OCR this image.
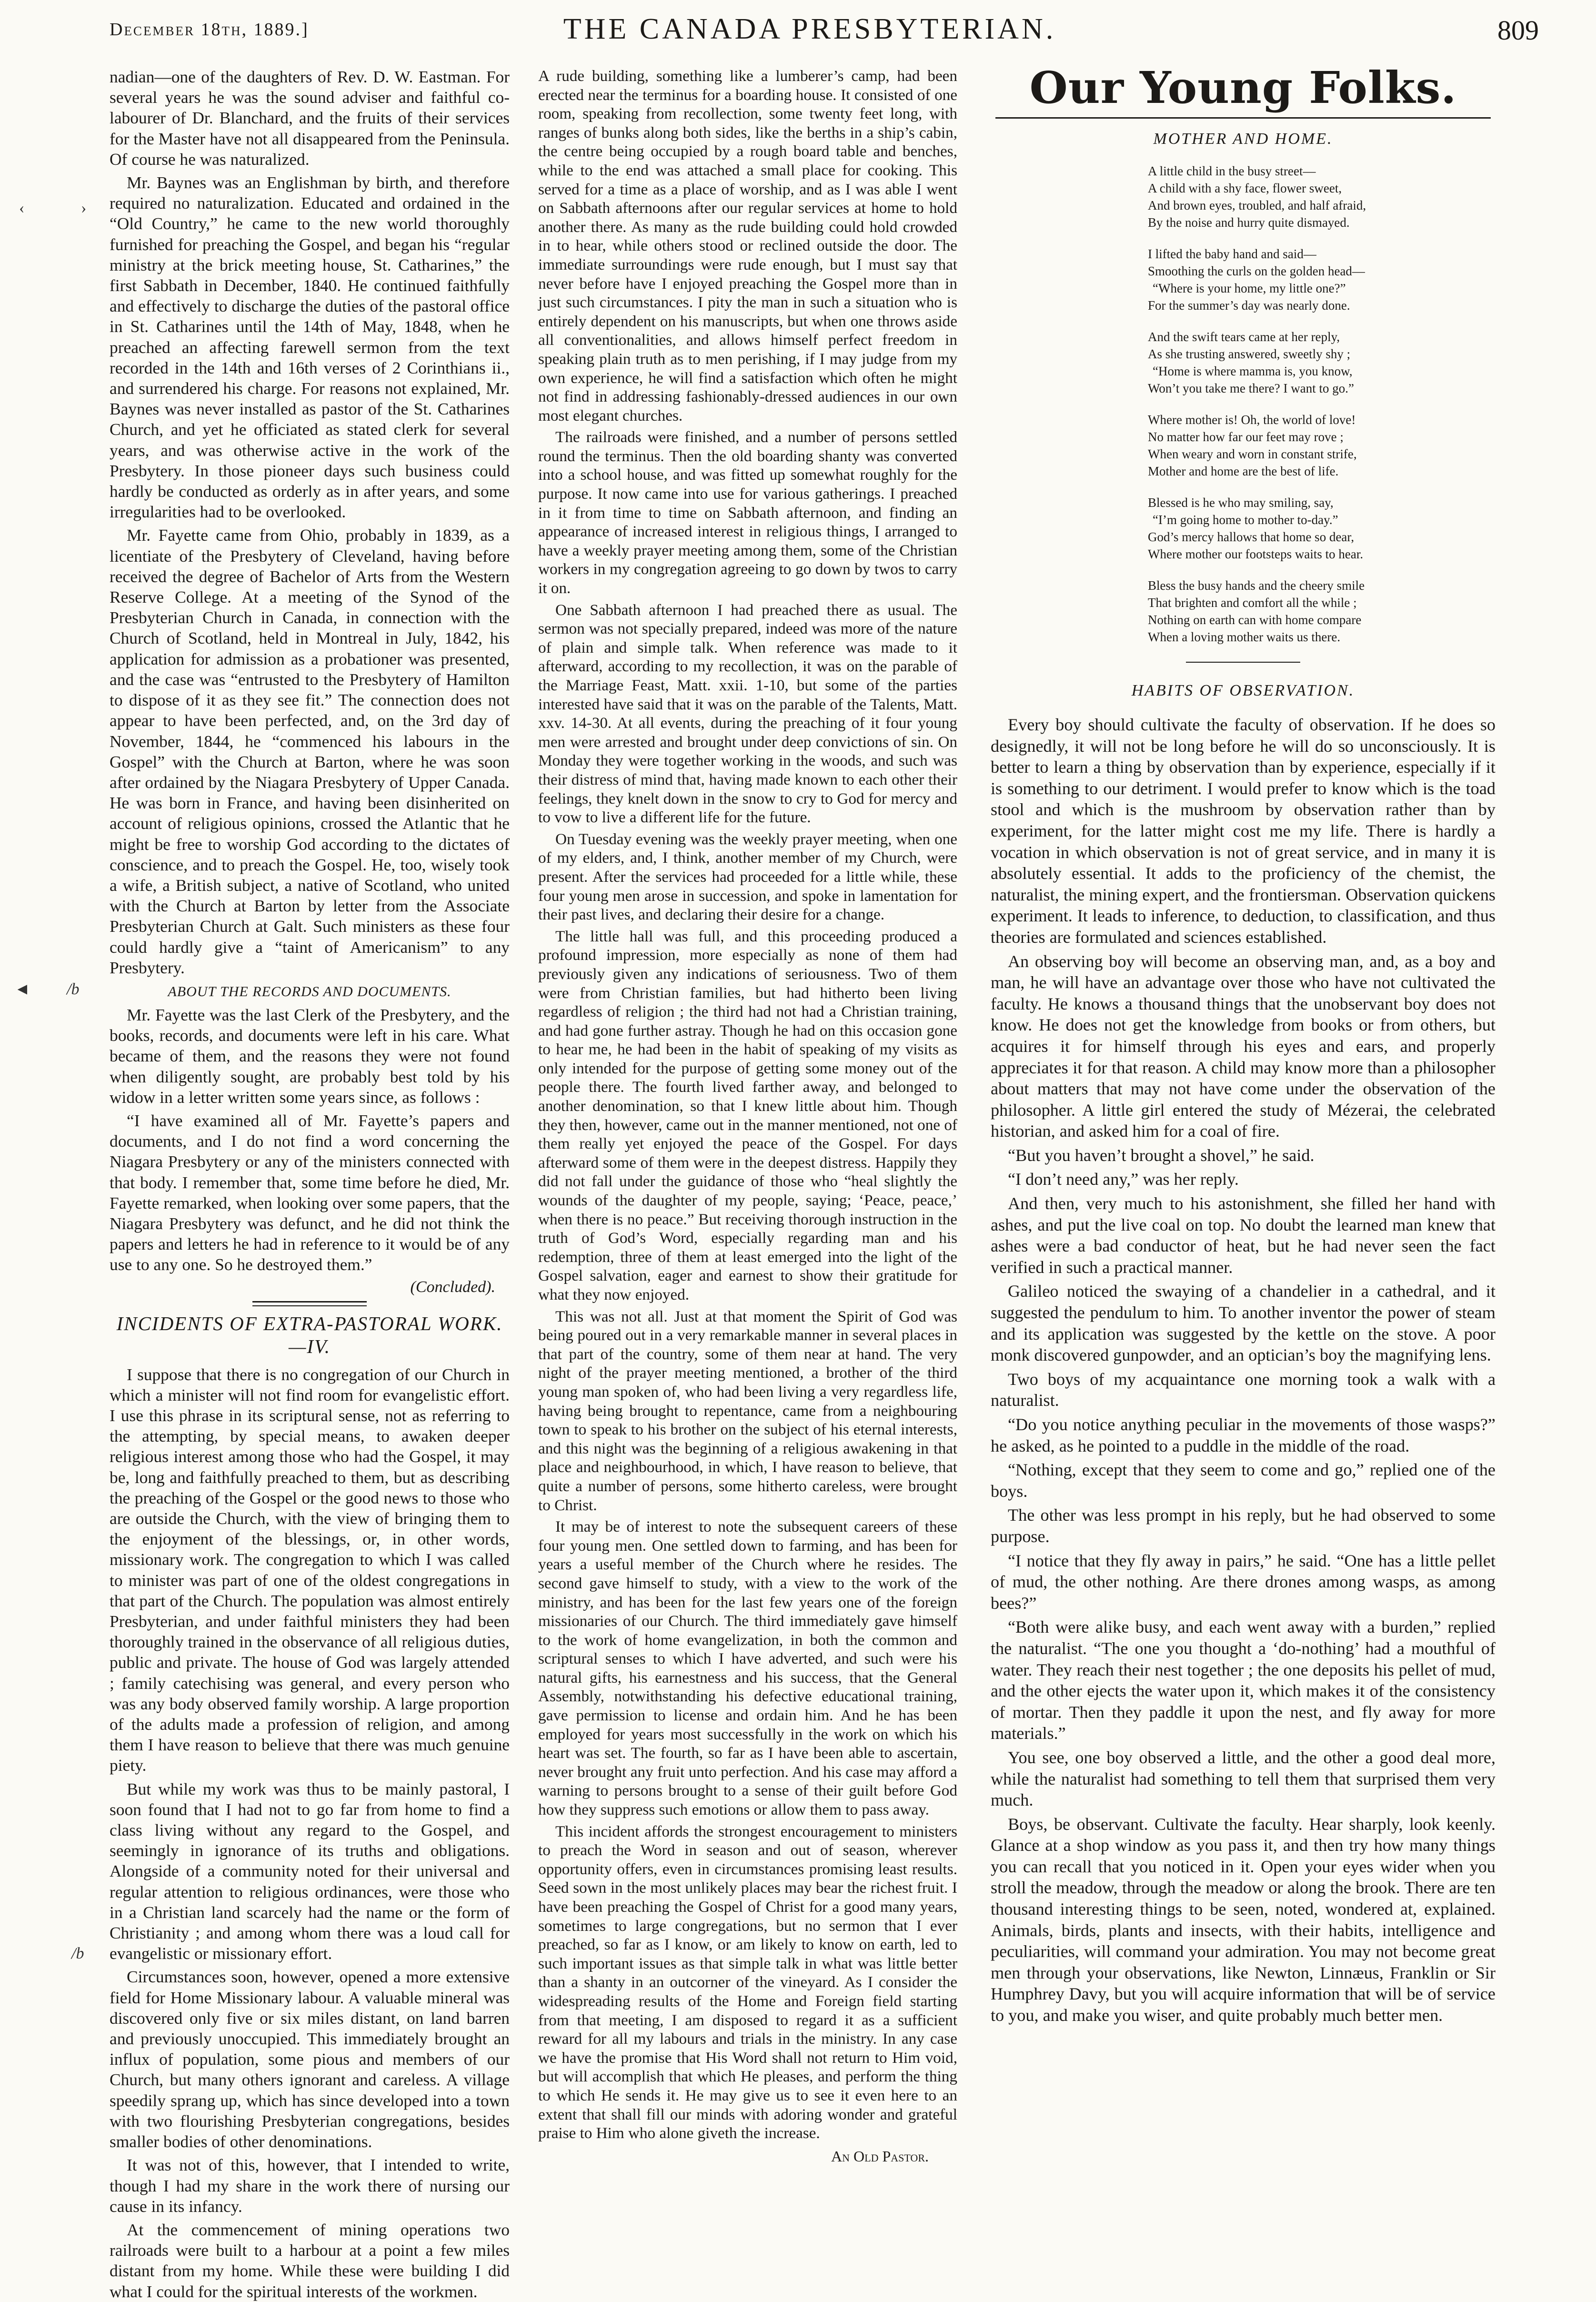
December 18th, 1889.]	THE CANADA PRESBYTERIAN.	809
‹	›
◄ /b
/b

nadian—one of the daughters of Rev. D. W. Eastman. For several years he was the sound adviser and faithful co-labourer of Dr. Blanchard, and the fruits of their services for the Master have not all disappeared from the Peninsula. Of course he was naturalized.

Mr. Baynes was an Englishman by birth, and therefore required no naturalization. Educated and ordained in the “Old Country,” he came to the new world thoroughly furnished for preaching the Gospel, and began his “regular ministry at the brick meeting house, St. Catharines,” the first Sabbath in December, 1840. He continued faithfully and effectively to discharge the duties of the pastoral office in St. Catharines until the 14th of May, 1848, when he preached an affecting farewell sermon from the text recorded in the 14th and 16th verses of 2 Corinthians ii., and surrendered his charge. For reasons not explained, Mr. Baynes was never installed as pastor of the St. Catharines Church, and yet he officiated as stated clerk for several years, and was otherwise active in the work of the Presbytery. In those pioneer days such business could hardly be conducted as orderly as in after years, and some irregularities had to be overlooked.

Mr. Fayette came from Ohio, probably in 1839, as a licentiate of the Presbytery of Cleveland, having before received the degree of Bachelor of Arts from the Western Reserve College. At a meeting of the Synod of the Presbyterian Church in Canada, in connection with the Church of Scotland, held in Montreal in July, 1842, his application for admission as a probationer was presented, and the case was “entrusted to the Presbytery of Hamilton to dispose of it as they see fit.” The connection does not appear to have been perfected, and, on the 3rd day of November, 1844, he “commenced his labours in the Gospel” with the Church at Barton, where he was soon after ordained by the Niagara Presbytery of Upper Canada. He was born in France, and having been disinherited on account of religious opinions, crossed the Atlantic that he might be free to worship God according to the dictates of conscience, and to preach the Gospel. He, too, wisely took a wife, a British subject, a native of Scotland, who united with the Church at Barton by letter from the Associate Presbyterian Church at Galt. Such ministers as these four could hardly give a “taint of Americanism” to any Presbytery.

ABOUT THE RECORDS AND DOCUMENTS.

Mr. Fayette was the last Clerk of the Presbytery, and the books, records, and documents were left in his care. What became of them, and the reasons they were not found when diligently sought, are probably best told by his widow in a letter written some years since, as follows :

“I have examined all of Mr. Fayette’s papers and documents, and I do not find a word concerning the Niagara Presbytery or any of the ministers connected with that body. I remember that, some time before he died, Mr. Fayette remarked, when looking over some papers, that the Niagara Presbytery was defunct, and he did not think the papers and letters he had in reference to it would be of any use to any one. So he destroyed them.”

(Concluded).
INCIDENTS OF EXTRA-PASTORAL WORK.—IV.

I suppose that there is no congregation of our Church in which a minister will not find room for evangelistic effort. I use this phrase in its scriptural sense, not as referring to the attempting, by special means, to awaken deeper religious interest among those who had the Gospel, it may be, long and faithfully preached to them, but as describing the preaching of the Gospel or the good news to those who are outside the Church, with the view of bringing them to the enjoyment of the blessings, or, in other words, missionary work. The congregation to which I was called to minister was part of one of the oldest congregations in that part of the Church. The population was almost entirely Presbyterian, and under faithful ministers they had been thoroughly trained in the observance of all religious duties, public and private. The house of God was largely attended ; family catechising was general, and every person who was any body observed family worship. A large proportion of the adults made a profession of religion, and among them I have reason to believe that there was much genuine piety.

But while my work was thus to be mainly pastoral, I soon found that I had not to go far from home to find a class living without any regard to the Gospel, and seemingly in ignorance of its truths and obligations. Alongside of a community noted for their universal and regular attention to religious ordinances, were those who in a Christian land scarcely had the name or the form of Christianity ; and among whom there was a loud call for evangelistic or missionary effort.

Circumstances soon, however, opened a more extensive field for Home Missionary labour. A valuable mineral was discovered only five or six miles distant, on land barren and previously unoccupied. This immediately brought an influx of population, some pious and members of our Church, but many others ignorant and careless. A village speedily sprang up, which has since developed into a town with two flourishing Presbyterian congregations, besides smaller bodies of other denominations.

It was not of this, however, that I intended to write, though I had my share in the work there of nursing our cause in its infancy.

At the commencement of mining operations two railroads were built to a harbour at a point a few miles distant from my home. While these were building I did what I could for the spiritual interests of the workmen.

A rude building, something like a lumberer’s camp, had been erected near the terminus for a boarding house. It consisted of one room, speaking from recollection, some twenty feet long, with ranges of bunks along both sides, like the berths in a ship’s cabin, the centre being occupied by a rough board table and benches, while to the end was attached a small place for cooking. This served for a time as a place of worship, and as I was able I went on Sabbath afternoons after our regular services at home to hold another there. As many as the rude building could hold crowded in to hear, while others stood or reclined outside the door. The immediate surroundings were rude enough, but I must say that never before have I enjoyed preaching the Gospel more than in just such circumstances. I pity the man in such a situation who is entirely dependent on his manuscripts, but when one throws aside all conventionalities, and allows himself perfect freedom in speaking plain truth as to men perishing, if I may judge from my own experience, he will find a satisfaction which often he might not find in addressing fashionably-dressed audiences in our own most elegant churches.

The railroads were finished, and a number of persons settled round the terminus. Then the old boarding shanty was converted into a school house, and was fitted up somewhat roughly for the purpose. It now came into use for various gatherings. I preached in it from time to time on Sabbath afternoon, and finding an appearance of increased interest in religious things, I arranged to have a weekly prayer meeting among them, some of the Christian workers in my congregation agreeing to go down by twos to carry it on.

One Sabbath afternoon I had preached there as usual. The sermon was not specially prepared, indeed was more of the nature of plain and simple talk. When reference was made to it afterward, according to my recollection, it was on the parable of the Marriage Feast, Matt. xxii. 1-10, but some of the parties interested have said that it was on the parable of the Talents, Matt. xxv. 14-30. At all events, during the preaching of it four young men were arrested and brought under deep convictions of sin. On Monday they were together working in the woods, and such was their distress of mind that, having made known to each other their feelings, they knelt down in the snow to cry to God for mercy and to vow to live a different life for the future.

On Tuesday evening was the weekly prayer meeting, when one of my elders, and, I think, another member of my Church, were present. After the services had proceeded for a little while, these four young men arose in succession, and spoke in lamentation for their past lives, and declaring their desire for a change.

The little hall was full, and this proceeding produced a profound impression, more especially as none of them had previously given any indications of seriousness. Two of them were from Christian families, but had hitherto been living regardless of religion ; the third had not had a Christian training, and had gone further astray. Though he had on this occasion gone to hear me, he had been in the habit of speaking of my visits as only intended for the purpose of getting some money out of the people there. The fourth lived farther away, and belonged to another denomination, so that I knew little about him. Though they then, however, came out in the manner mentioned, not one of them really yet enjoyed the peace of the Gospel. For days afterward some of them were in the deepest distress. Happily they did not fall under the guidance of those who “heal slightly the wounds of the daughter of my people, saying; ‘Peace, peace,’ when there is no peace.” But receiving thorough instruction in the truth of God’s Word, especially regarding man and his redemption, three of them at least emerged into the light of the Gospel salvation, eager and earnest to show their gratitude for what they now enjoyed.

This was not all. Just at that moment the Spirit of God was being poured out in a very remarkable manner in several places in that part of the country, some of them near at hand. The very night of the prayer meeting mentioned, a brother of the third young man spoken of, who had been living a very regardless life, having being brought to repentance, came from a neighbouring town to speak to his brother on the subject of his eternal interests, and this night was the beginning of a religious awakening in that place and neighbourhood, in which, I have reason to believe, that quite a number of persons, some hitherto careless, were brought to Christ.

It may be of interest to note the subsequent careers of these four young men. One settled down to farming, and has been for years a useful member of the Church where he resides. The second gave himself to study, with a view to the work of the ministry, and has been for the last few years one of the foreign missionaries of our Church. The third immediately gave himself to the work of home evangelization, in both the common and scriptural senses to which I have adverted, and such were his natural gifts, his earnestness and his success, that the General Assembly, notwithstanding his defective educational training, gave permission to license and ordain him. And he has been employed for years most successfully in the work on which his heart was set. The fourth, so far as I have been able to ascertain, never brought any fruit unto perfection. And his case may afford a warning to persons brought to a sense of their guilt before God how they suppress such emotions or allow them to pass away.

This incident affords the strongest encouragement to ministers to preach the Word in season and out of season, wherever opportunity offers, even in circumstances promising least results. Seed sown in the most unlikely places may bear the richest fruit. I have been preaching the Gospel of Christ for a good many years, sometimes to large congregations, but no sermon that I ever preached, so far as I know, or am likely to know on earth, led to such important issues as that simple talk in what was little better than a shanty in an outcorner of the vineyard. As I consider the widespreading results of the Home and Foreign field starting from that meeting, I am disposed to regard it as a sufficient reward for all my labours and trials in the ministry. In any case we have the promise that His Word shall not return to Him void, but will accomplish that which He pleases, and perform the thing to which He sends it. He may give us to see it even here to an extent that shall fill our minds with adoring wonder and grateful praise to Him who alone giveth the increase.

An Old Pastor.
Our Young Folks.
MOTHER AND HOME.
A little child in the busy street—
A child with a shy face, flower sweet,
And brown eyes, troubled, and half afraid,
By the noise and hurry quite dismayed.
I lifted the baby hand and said—
Smoothing the curls on the golden head—
“Where is your home, my little one?”
For the summer’s day was nearly done.
And the swift tears came at her reply,
As she trusting answered, sweetly shy ;
“Home is where mamma is, you know,
Won’t you take me there? I want to go.”
Where mother is! Oh, the world of love!
No matter how far our feet may rove ;
When weary and worn in constant strife,
Mother and home are the best of life.
Blessed is he who may smiling, say,
“I’m going home to mother to-day.”
God’s mercy hallows that home so dear,
Where mother our footsteps waits to hear.
Bless the busy hands and the cheery smile
That brighten and comfort all the while ;
Nothing on earth can with home compare
When a loving mother waits us there.
HABITS OF OBSERVATION.

Every boy should cultivate the faculty of observation. If he does so designedly, it will not be long before he will do so unconsciously. It is better to learn a thing by observation than by experience, especially if it is something to our detriment. I would prefer to know which is the toad stool and which is the mushroom by observation rather than by experiment, for the latter might cost me my life. There is hardly a vocation in which observation is not of great service, and in many it is absolutely essential. It adds to the proficiency of the chemist, the naturalist, the mining expert, and the frontiersman. Observation quickens experiment. It leads to inference, to deduction, to classification, and thus theories are formulated and sciences established.

An observing boy will become an observing man, and, as a boy and man, he will have an advantage over those who have not cultivated the faculty. He knows a thousand things that the unobservant boy does not know. He does not get the knowledge from books or from others, but acquires it for himself through his eyes and ears, and properly appreciates it for that reason. A child may know more than a philosopher about matters that may not have come under the observation of the philosopher. A little girl entered the study of Mézerai, the celebrated historian, and asked him for a coal of fire.

“But you haven’t brought a shovel,” he said.

“I don’t need any,” was her reply.

And then, very much to his astonishment, she filled her hand with ashes, and put the live coal on top. No doubt the learned man knew that ashes were a bad conductor of heat, but he had never seen the fact verified in such a practical manner.

Galileo noticed the swaying of a chandelier in a cathedral, and it suggested the pendulum to him. To another inventor the power of steam and its application was suggested by the kettle on the stove. A poor monk discovered gunpowder, and an optician’s boy the magnifying lens.

Two boys of my acquaintance one morning took a walk with a naturalist.

“Do you notice anything peculiar in the movements of those wasps?” he asked, as he pointed to a puddle in the middle of the road.

“Nothing, except that they seem to come and go,” replied one of the boys.

The other was less prompt in his reply, but he had observed to some purpose.

“I notice that they fly away in pairs,” he said. “One has a little pellet of mud, the other nothing. Are there drones among wasps, as among bees?”

“Both were alike busy, and each went away with a burden,” replied the naturalist. “The one you thought a ‘do-nothing’ had a mouthful of water. They reach their nest together ; the one deposits his pellet of mud, and the other ejects the water upon it, which makes it of the consistency of mortar. Then they paddle it upon the nest, and fly away for more materials.”

You see, one boy observed a little, and the other a good deal more, while the naturalist had something to tell them that surprised them very much.

Boys, be observant. Cultivate the faculty. Hear sharply, look keenly. Glance at a shop window as you pass it, and then try how many things you can recall that you noticed in it. Open your eyes wider when you stroll the meadow, through the meadow or along the brook. There are ten thousand interesting things to be seen, noted, wondered at, explained. Animals, birds, plants and insects, with their habits, intelligence and peculiarities, will command your admiration. You may not become great men through your observations, like Newton, Linnæus, Franklin or Sir Humphrey Davy, but you will acquire information that will be of service to you, and make you wiser, and quite probably much better men.
